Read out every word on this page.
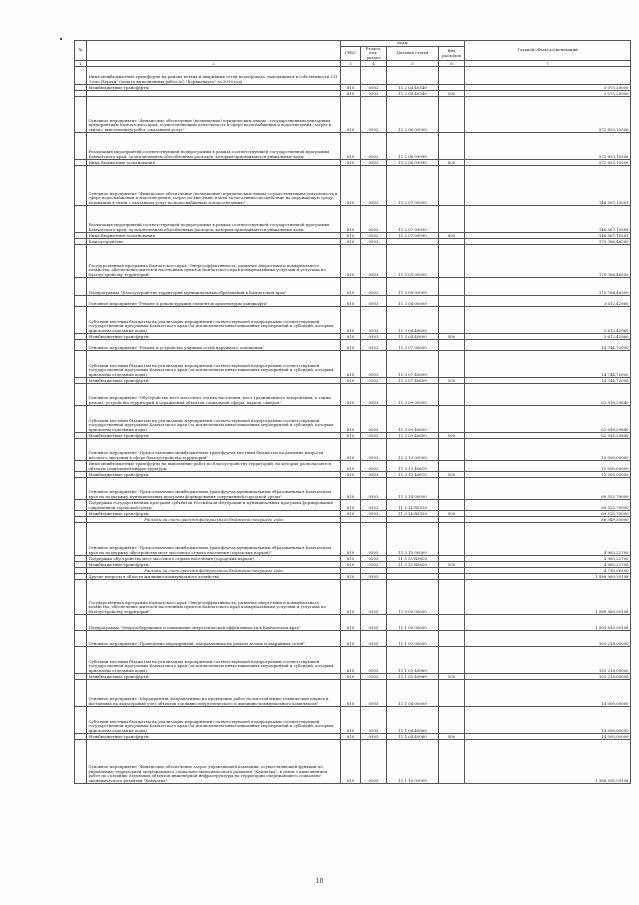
№		коды				Годовой объем ассигнований
		ГРБС	Раздел, под-раздел	Целевая статья	Вид расходов	
1	2	3	4	5	6	7
	Иные межбюджетные трансферты на ремонт ветхих и аварийных сетей водопровода, находящихся в собственности СП "село Пахачи" (оплата выполненных работ АО "Корякэнерго" за 2016 год)					
	Межбюджетные трансферты	810	0502	11 2 04 40340		3 075,20000
		810	0502	11 2 04 40340	500	3 075,20000
	Основное мероприятие "Финансовое обеспечение (возмещение) юридическим лицам - государственным унитарным предприятиям Камчатского края, осуществляющим деятельность в сфере водоснабжения и водоотведения, затрат в связи с выполнением работ, оказанием услуг"	810	0502	11 2 06 00000		572 853,10506
	Реализация мероприятий соответствующей подпрограммы в рамках соответствующей государственной программы Камчатского края, за исключением обособленных расходов, которым присваиваются уникальные коды	810	0502	11 2 06 09990		572 853,10506
	Иные бюджетные ассигнования	810	0502	11 2 06 09990	800	572 853,10506
	Основное мероприятие "Финансовое обеспечение (возмещение) юридическим лицам, осуществляющим деятельность в сфере водоснабжения и водоотведения, затрат по внесению платы за негативное воздействие на окружающую среду, возникших в связи с оказанием услуг по водоснабжению и водоотведению"	810	0502	11 2 07 00000		146 567,15581
	Реализация мероприятий соответствующей подпрограммы в рамках соответствующей государственной программы Камчатского края, за исключением обособленных расходов, которым присваиваются уникальные коды	810	0502	11 2 07 09990		146 567,15581
	Иные бюджетные ассигнования	810	0502	11 2 07 09990	800	146 567,15581
	Благоустройство	810	0503			170 766,46500
	Государственная программа Камчатского края "Энергоэффективность, развитие энергетики и коммунального хозяйства, обеспечение жителей населенных пунктов Камчатского края коммунальными услугами и услугами по благоустройству территорий"	810	0503	11 0 00 00000		170 766,46500
	Подпрограмма "Благоустройство территорий муниципальных образований в Камчатском крае"	810	0503	11 3 00 00000		170 766,46500
	Основное мероприятие "Ремонт и реконструкция элементов архитектуры ландшафта"	810	0503	11 3 04 00000		3 612,42960
	Субсидии местным бюджетам на реализацию мероприятий соответствующей подпрограммы соответствующей государственной программы Камчатского края (за исключением инвестиционных мероприятий и субсидий, которым присвоены отдельные коды)	810	0503	11 3 04 40600		3 612,42960
	Межбюджетные трансферты	810	0503	11 3 04 40600	500	3 612,42960
	Основное мероприятие "Ремонт и устройство уличных сетей наружного освещения"	810	0503	11 3 07 00000		14 744,72000
	Субсидии местным бюджетам на реализацию мероприятий соответствующей подпрограммы соответствующей государственной программы Камчатского края (за исключением инвестиционных мероприятий и субсидий, которым присвоены отдельные коды)	810	0503	11 3 07 40600		14 744,72000
	Межбюджетные трансферты	810	0503	11 3 07 40600	500	14 744,72000
	Основное мероприятие "Обустройство мест массового отдыха населения, мест традиционного захоронения, а также ремонт, устройство территорий и ограждений объектов социальной сферы, парков, скверов"	810	0503	11 3 09 00000		62 918,29840
	Субсидии местным бюджетам на реализацию мероприятий соответствующей подпрограммы соответствующей государственной программы Камчатского края (за исключением инвестиционных мероприятий и субсидий, которым присвоены отдельные коды)	810	0503	11 3 09 40600		62 918,29840
	Межбюджетные трансферты	810	0503	11 3 09 40600	500	62 918,29840
	Основное мероприятие "Предоставление межбюджетных трансфертов местным бюджетам на решение вопросов местного значения в сфере благоустройства территорий"	810	0503	11 3 13 00000		15 000,00000
	Иные межбюджетные трансферты на выполнение работ по благоустройству территорий, на которых располагаются объекты социальной инфраструктуры	810	0503	11 3 13 40610		15 000,00000
	Межбюджетные трансферты	810	0503	11 3 13 40610	500	15 000,00000
	Основное мероприятие "Предоставление межбюджетных трансфертов муниципальным образованиям в Камчатском крае на поддержку муниципальных программ формирования современной городской среды"	810	0503	11 3 14 00000		69 525,79000
	Поддержка государственных программ субъектов Российской Федерации и муниципальных программ формирования современной городской среды	810	0503	11 3 14 R5550		69 525,79000
	Межбюджетные трансферты	810	0503	11 3 14 R5550	500	69 525,79000
	Расходы за счет средств федерального бюджета текущего года					66 049,50000
	Основное мероприятие "Предоставление межбюджетных трансфертов муниципальным образованиям в Камчатском крае на поддержку обустройства мест массового отдыха населения (городских парков)"	810	0503	11 3 15 00000		4 965,22700
	Поддержка обустройства мест массового отдыха населения (городских парков)	810	0503	11 3 15 R5600		4 965,22700
	Межбюджетные трансферты	810	0503	11 3 15 R5600	500	4 965,22700
	Расходы за счет средств федерального бюджета текущего года					4 716,96500
	Другие вопросы в области жилищно-коммунального хозяйства	810	0505			1 588 969,39108
	Государственная программа Камчатского края "Энергоэффективность, развитие энергетики и коммунального хозяйства, обеспечение жителей населенных пунктов Камчатского края коммунальными услугами и услугами по благоустройству территорий"	810	0505	11 0 00 00000		1 588 969,39108
	Подпрограмма "Энергосбережение и повышение энергетической эффективности в Камчатском крае"	810	0505	11 1 00 00000		1 505 813,39108
	Основное мероприятие "Проведение мероприятий, направленных на ремонт ветхих и аварийных сетей"	810	0505	11 1 03 00000		103 218,00000
	Субсидии местным бюджетам на реализацию мероприятий соответствующей подпрограммы соответствующей государственной программы Камчатского края (за исключением инвестиционных мероприятий и субсидий, которым присвоены отдельные коды)	810	0505	11 1 03 40060		103 218,00000
	Межбюджетные трансферты	810	0505	11 1 03 40060	500	103 218,00000
	Основное мероприятие "Мероприятия, направленные на проведение работ по изготовлению технических планов и постановке на кадастровый учет объектов топливно-энергетического и жилищно-коммунального комплексов"	810	0505	11 1 04 00000		14 000,00000
	Субсидии местным бюджетам на реализацию мероприятий соответствующей подпрограммы соответствующей государственной программы Камчатского края (за исключением инвестиционных мероприятий и субсидий, которым присвоены отдельные коды)	810	0505	11 1 04 40060		14 000,00000
	Межбюджетные трансферты	810	0505	11 1 04 40060	500	14 000,00000
	Основное мероприятие "Финансовое обеспечение затрат управляющей компании, осуществляющей функции по управлению территорией опережающего социально-экономического развития "Камчатка", в связи с выполнением работ по созданию отдельных объектов инженерной инфраструктуры на территории опережающего социально-экономического развития "Камчатка"	810	0505	11 1 19 00000		1 388 595,39108
10
